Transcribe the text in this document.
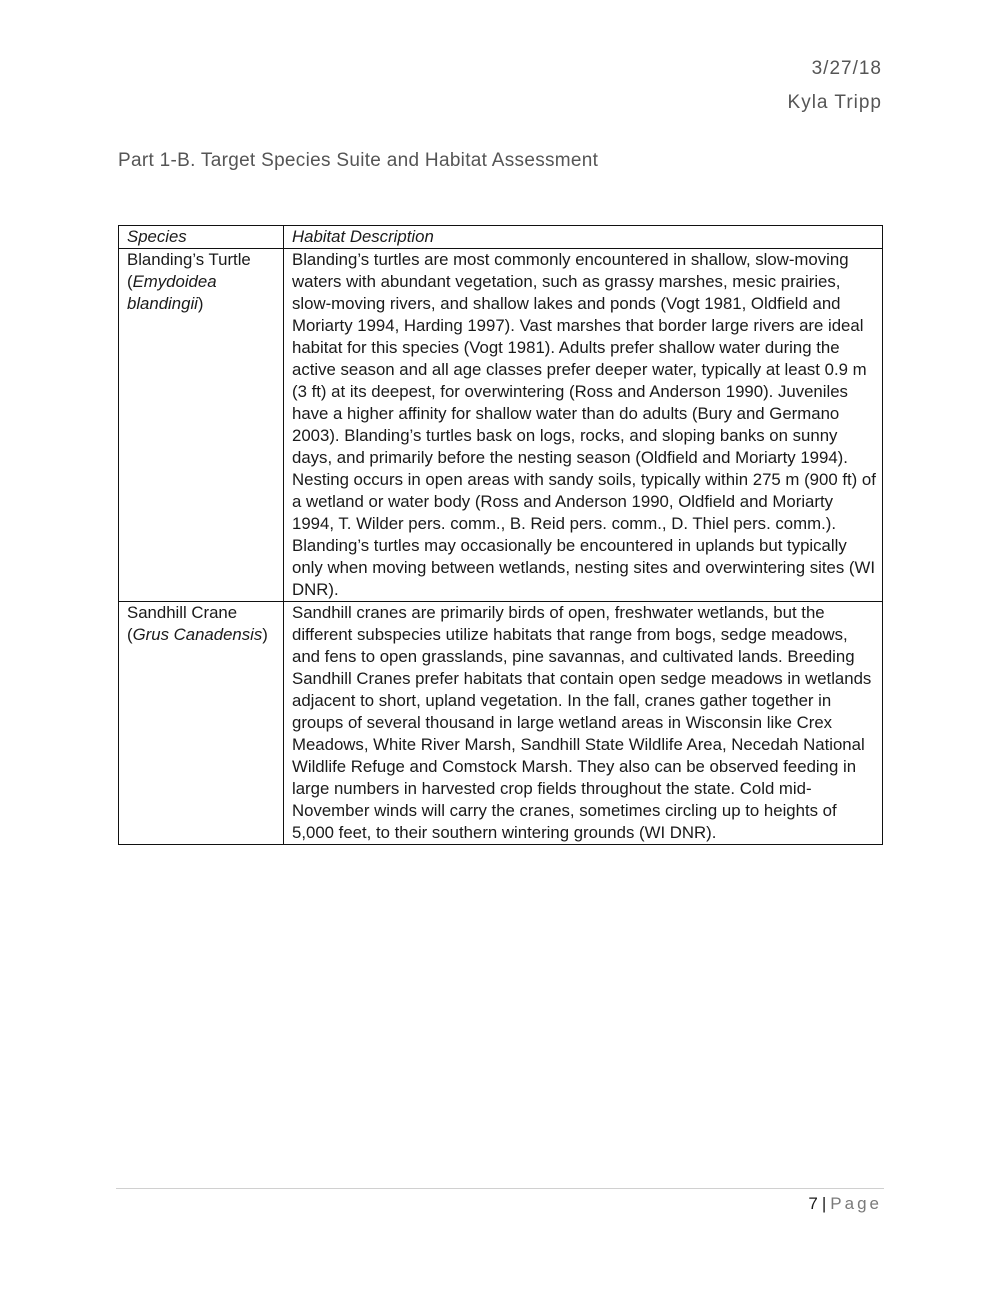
3/27/18
Kyla Tripp
Part 1-B. Target Species Suite and Habitat Assessment
Species	Habitat Description
Blanding’s Turtle (Emydoidea blandingii)	Blanding’s turtles are most commonly encountered in shallow, slow-moving waters with abundant vegetation, such as grassy marshes, mesic prairies, slow-moving rivers, and shallow lakes and ponds (Vogt 1981, Oldfield and Moriarty 1994, Harding 1997). Vast marshes that border large rivers are ideal habitat for this species (Vogt 1981). Adults prefer shallow water during the active season and all age classes prefer deeper water, typically at least 0.9 m (3 ft) at its deepest, for overwintering (Ross and Anderson 1990). Juveniles have a higher affinity for shallow water than do adults (Bury and Germano 2003). Blanding’s turtles bask on logs, rocks, and sloping banks on sunny days, and primarily before the nesting season (Oldfield and Moriarty 1994). Nesting occurs in open areas with sandy soils, typically within 275 m (900 ft) of a wetland or water body (Ross and Anderson 1990, Oldfield and Moriarty 1994, T. Wilder pers. comm., B. Reid pers. comm., D. Thiel pers. comm.). Blanding’s turtles may occasionally be encountered in uplands but typically only when moving between wetlands, nesting sites and overwintering sites (WI DNR).
Sandhill Crane (Grus Canadensis)	Sandhill cranes are primarily birds of open, freshwater wetlands, but the different subspecies utilize habitats that range from bogs, sedge meadows, and fens to open grasslands, pine savannas, and cultivated lands. Breeding Sandhill Cranes prefer habitats that contain open sedge meadows in wetlands adjacent to short, upland vegetation. In the fall, cranes gather together in groups of several thousand in large wetland areas in Wisconsin like Crex Meadows, White River Marsh, Sandhill State Wildlife Area, Necedah National Wildlife Refuge and Comstock Marsh. They also can be observed feeding in large numbers in harvested crop fields throughout the state. Cold mid-November winds will carry the cranes, sometimes circling up to heights of 5,000 feet, to their southern wintering grounds (WI DNR).
7 | Page
